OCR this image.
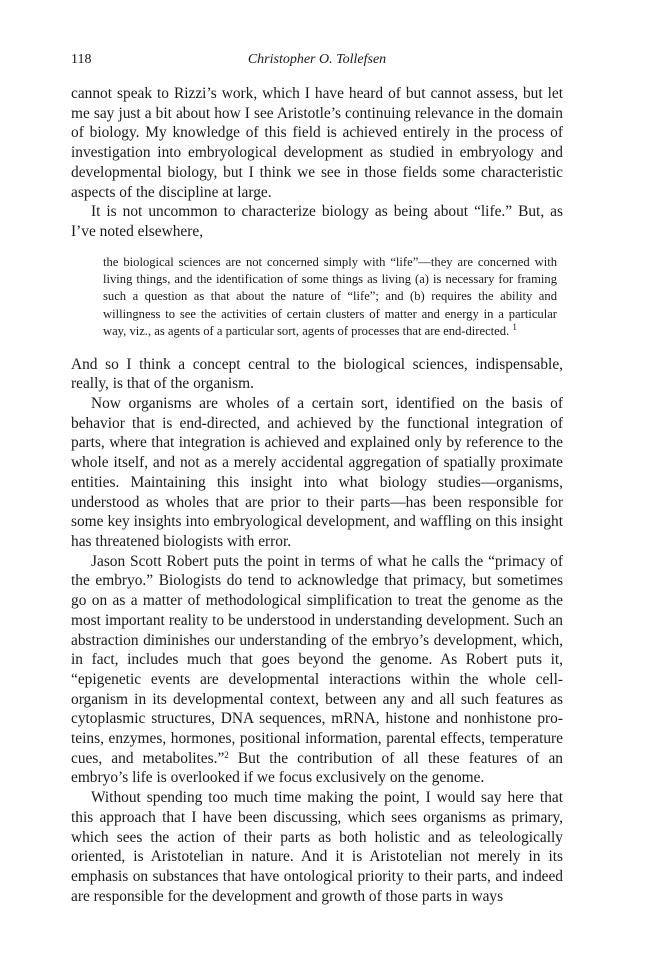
118	Christopher O. Tollefsen

cannot speak to Rizzi’s work, which I have heard of but cannot assess, but let me say just a bit about how I see Aristotle’s continuing relevance in the domain of biology. My knowledge of this field is achieved entirely in the process of investigation into embryological development as studied in embryology and developmental biology, but I think we see in those fields some characteristic aspects of the discipline at large.

It is not uncommon to characterize biology as being about “life.” But, as I’ve noted elsewhere,

the biological sciences are not concerned simply with “life”—they are concerned with living things, and the identification of some things as living (a) is necessary for framing such a question as that about the nature of “life”; and (b) requires the ability and willingness to see the activities of certain clusters of matter and energy in a particular way, viz., as agents of a particular sort, agents of processes that are end-directed. $^1$

And so I think a concept central to the biological sciences, indispensable, really, is that of the organism.

Now organisms are wholes of a certain sort, identified on the basis of behavior that is end-directed, and achieved by the functional integration of parts, where that integration is achieved and explained only by reference to the whole itself, and not as a merely accidental aggregation of spatially proximate entities. Maintaining this insight into what biology studies—organisms, understood as wholes that are prior to their parts—has been responsible for some key insights into embryological development, and waffling on this insight has threatened biologists with error.

Jason Scott Robert puts the point in terms of what he calls the “primacy of the embryo.” Biologists do tend to acknowledge that primacy, but sometimes go on as a matter of methodological simplification to treat the genome as the most important reality to be understood in understanding development. Such an abstraction diminishes our understanding of the embryo’s development, which, in fact, includes much that goes beyond the genome. As Robert puts it, “epigenetic events are developmental interactions within the whole cell-organism in its developmental context, between any and all such features as cytoplasmic structures, DNA sequences, mRNA, histone and nonhistone proteins, enzymes, hormones, positional information, parental effects, temperature cues, and metabolites.”$^2$ But the contribution of all these features of an embryo’s life is overlooked if we focus exclusively on the genome.

Without spending too much time making the point, I would say here that this approach that I have been discussing, which sees organisms as primary, which sees the action of their parts as both holistic and as teleologically oriented, is Aristotelian in nature. And it is Aristotelian not merely in its emphasis on substances that have ontological priority to their parts, and indeed are responsible for the development and growth of those parts in ways
